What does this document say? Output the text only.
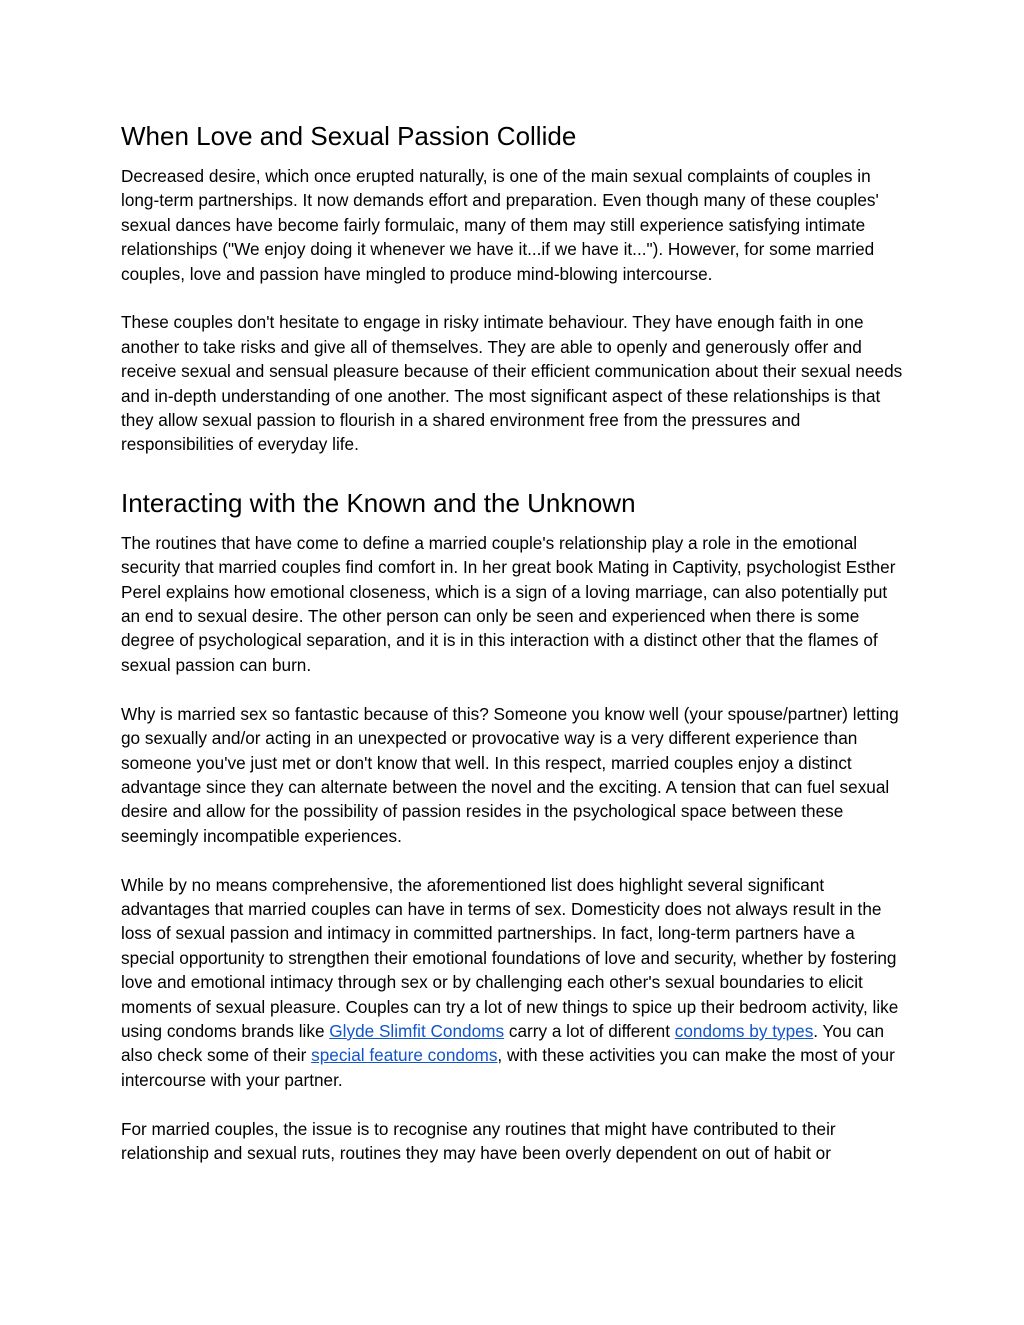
When Love and Sexual Passion Collide

Decreased desire, which once erupted naturally, is one of the main sexual complaints of couples in long-term partnerships. It now demands effort and preparation. Even though many of these couples' sexual dances have become fairly formulaic, many of them may still experience satisfying intimate relationships ("We enjoy doing it whenever we have it...if we have it..."). However, for some married couples, love and passion have mingled to produce mind-blowing intercourse.

These couples don't hesitate to engage in risky intimate behaviour. They have enough faith in one another to take risks and give all of themselves. They are able to openly and generously offer and receive sexual and sensual pleasure because of their efficient communication about their sexual needs and in-depth understanding of one another. The most significant aspect of these relationships is that they allow sexual passion to flourish in a shared environment free from the pressures and responsibilities of everyday life.

Interacting with the Known and the Unknown

The routines that have come to define a married couple's relationship play a role in the emotional security that married couples find comfort in. In her great book Mating in Captivity, psychologist Esther Perel explains how emotional closeness, which is a sign of a loving marriage, can also potentially put an end to sexual desire. The other person can only be seen and experienced when there is some degree of psychological separation, and it is in this interaction with a distinct other that the flames of sexual passion can burn.

Why is married sex so fantastic because of this? Someone you know well (your spouse/partner) letting go sexually and/or acting in an unexpected or provocative way is a very different experience than someone you've just met or don't know that well. In this respect, married couples enjoy a distinct advantage since they can alternate between the novel and the exciting. A tension that can fuel sexual desire and allow for the possibility of passion resides in the psychological space between these seemingly incompatible experiences.

While by no means comprehensive, the aforementioned list does highlight several significant advantages that married couples can have in terms of sex. Domesticity does not always result in the loss of sexual passion and intimacy in committed partnerships. In fact, long-term partners have a special opportunity to strengthen their emotional foundations of love and security, whether by fostering love and emotional intimacy through sex or by challenging each other's sexual boundaries to elicit moments of sexual pleasure. Couples can try a lot of new things to spice up their bedroom activity, like using condoms brands like Glyde Slimfit Condoms carry a lot of different condoms by types. You can also check some of their special feature condoms, with these activities you can make the most of your intercourse with your partner.

For married couples, the issue is to recognise any routines that might have contributed to their relationship and sexual ruts, routines they may have been overly dependent on out of habit or
